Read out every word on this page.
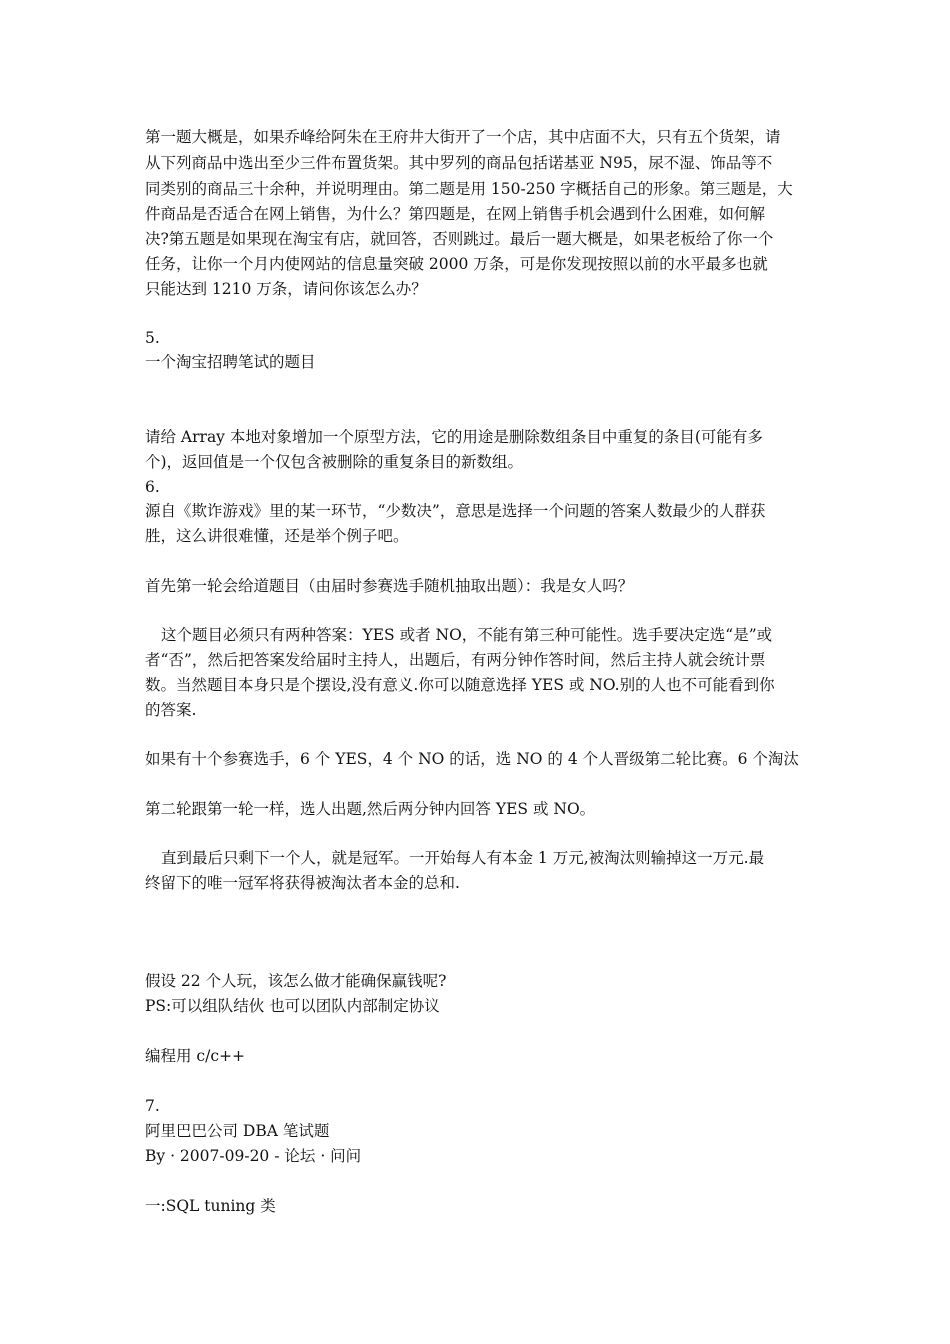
第一题大概是，如果乔峰给阿朱在王府井大街开了一个店，其中店面不大，只有五个货架，请
从下列商品中选出至少三件布置货架。其中罗列的商品包括诺基亚 N95，尿不湿、饰品等不
同类别的商品三十余种，并说明理由。第二题是用 150-250 字概括自己的形象。第三题是，大
件商品是否适合在网上销售，为什么？第四题是，在网上销售手机会遇到什么困难，如何解
决?第五题是如果现在淘宝有店，就回答，否则跳过。最后一题大概是，如果老板给了你一个
任务，让你一个月内使网站的信息量突破 2000 万条，可是你发现按照以前的水平最多也就
只能达到 1210 万条，请问你该怎么办？
5.
一个淘宝招聘笔试的题目
请给 Array 本地对象增加一个原型方法，它的用途是删除数组条目中重复的条目(可能有多
个)，返回值是一个仅包含被删除的重复条目的新数组。
6.
源自《欺诈游戏》里的某一环节，“少数决”，意思是选择一个问题的答案人数最少的人群获
胜，这么讲很难懂，还是举个例子吧。
首先第一轮会给道题目（由届时参赛选手随机抽取出题）：我是女人吗？
这个题目必须只有两种答案：YES 或者 NO，不能有第三种可能性。选手要决定选“是”或
者“否”，然后把答案发给届时主持人，出题后，有两分钟作答时间，然后主持人就会统计票
数。当然题目本身只是个摆设,没有意义.你可以随意选择 YES 或 NO.别的人也不可能看到你
的答案.
如果有十个参赛选手，6 个 YES，4 个 NO 的话，选 NO 的 4 个人晋级第二轮比赛。6 个淘汰
第二轮跟第一轮一样，选人出题,然后两分钟内回答 YES 或 NO。
直到最后只剩下一个人，就是冠军。一开始每人有本金 1 万元,被淘汰则输掉这一万元.最
终留下的唯一冠军将获得被淘汰者本金的总和.
假设 22 个人玩，该怎么做才能确保赢钱呢?
PS:可以组队结伙 也可以团队内部制定协议
编程用 c/c++
7.
阿里巴巴公司 DBA 笔试题
By · 2007-09-20 - 论坛 · 问问
一:SQL tuning 类
